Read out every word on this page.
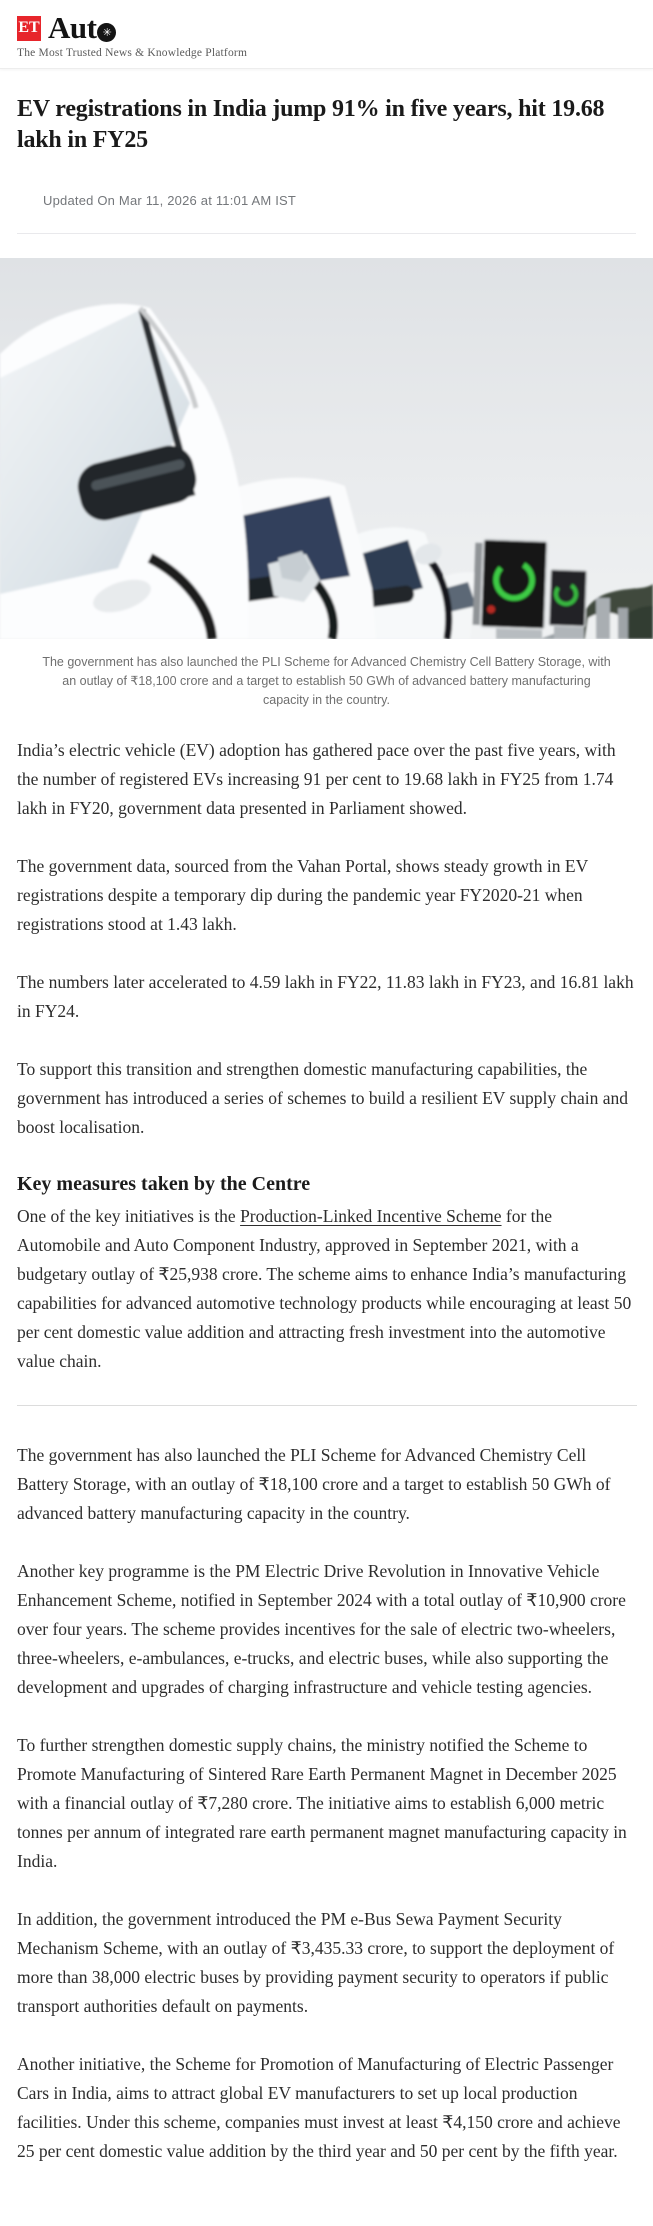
ET Aut ✳
The Most Trusted News & Knowledge Platform
EV registrations in India jump 91% in five years, hit 19.68 lakh in FY25
Updated On Mar 11, 2026 at 11:01 AM IST
The government has also launched the PLI Scheme for Advanced Chemistry Cell Battery Storage, with an outlay of ₹18,100 crore and a target to establish 50 GWh of advanced battery manufacturing capacity in the country.

India’s electric vehicle (EV) adoption has gathered pace over the past five years, with the number of registered EVs increasing 91 per cent to 19.68 lakh in FY25 from 1.74 lakh in FY20, government data presented in Parliament showed.

The government data, sourced from the Vahan Portal, shows steady growth in EV registrations despite a temporary dip during the pandemic year FY2020-21 when registrations stood at 1.43 lakh.

The numbers later accelerated to 4.59 lakh in FY22, 11.83 lakh in FY23, and 16.81 lakh in FY24.

To support this transition and strengthen domestic manufacturing capabilities, the government has introduced a series of schemes to build a resilient EV supply chain and boost localisation.

Key measures taken by the Centre

One of the key initiatives is the Production-Linked Incentive Scheme for the Automobile and Auto Component Industry, approved in September 2021, with a budgetary outlay of ₹25,938 crore. The scheme aims to enhance India’s manufacturing capabilities for advanced automotive technology products while encouraging at least 50 per cent domestic value addition and attracting fresh investment into the automotive value chain.

The government has also launched the PLI Scheme for Advanced Chemistry Cell Battery Storage, with an outlay of ₹18,100 crore and a target to establish 50 GWh of advanced battery manufacturing capacity in the country.

Another key programme is the PM Electric Drive Revolution in Innovative Vehicle Enhancement Scheme, notified in September 2024 with a total outlay of ₹10,900 crore over four years. The scheme provides incentives for the sale of electric two-wheelers, three-wheelers, e-ambulances, e-trucks, and electric buses, while also supporting the development and upgrades of charging infrastructure and vehicle testing agencies.

To further strengthen domestic supply chains, the ministry notified the Scheme to Promote Manufacturing of Sintered Rare Earth Permanent Magnet in December 2025 with a financial outlay of ₹7,280 crore. The initiative aims to establish 6,000 metric tonnes per annum of integrated rare earth permanent magnet manufacturing capacity in India.

In addition, the government introduced the PM e-Bus Sewa Payment Security Mechanism Scheme, with an outlay of ₹3,435.33 crore, to support the deployment of more than 38,000 electric buses by providing payment security to operators if public transport authorities default on payments.

Another initiative, the Scheme for Promotion of Manufacturing of Electric Passenger Cars in India, aims to attract global EV manufacturers to set up local production facilities. Under this scheme, companies must invest at least ₹4,150 crore and achieve 25 per cent domestic value addition by the third year and 50 per cent by the fifth year.
